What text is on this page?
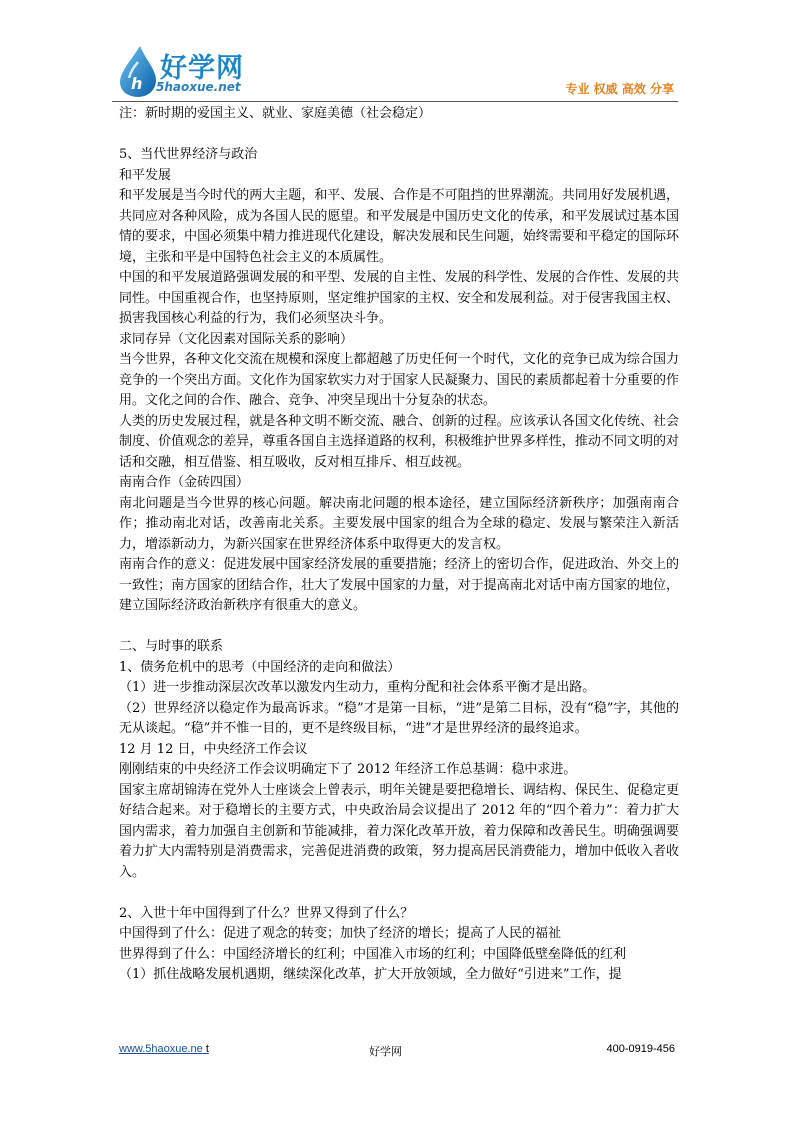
h 好学网
5haoxue.net	专业 权威 高效 分享

注：新时期的爱国主义、就业、家庭美德（社会稳定）

5、当代世界经济与政治

和平发展

和平发展是当今时代的两大主题，和平、发展、合作是不可阻挡的世界潮流。共同用好发展机遇，共同应对各种风险，成为各国人民的愿望。和平发展是中国历史文化的传承，和平发展试过基本国情的要求，中国必须集中精力推进现代化建设，解决发展和民生问题，始终需要和平稳定的国际环境，主张和平是中国特色社会主义的本质属性。

中国的和平发展道路强调发展的和平型、发展的自主性、发展的科学性、发展的合作性、发展的共同性。中国重视合作，也坚持原则，坚定维护国家的主权、安全和发展利益。对于侵害我国主权、损害我国核心利益的行为，我们必须坚决斗争。

求同存异（文化因素对国际关系的影响）

当今世界，各种文化交流在规模和深度上都超越了历史任何一个时代，文化的竞争已成为综合国力竞争的一个突出方面。文化作为国家软实力对于国家人民凝聚力、国民的素质都起着十分重要的作用。文化之间的合作、融合、竞争、冲突呈现出十分复杂的状态。

人类的历史发展过程，就是各种文明不断交流、融合、创新的过程。应该承认各国文化传统、社会制度、价值观念的差异，尊重各国自主选择道路的权利，积极维护世界多样性，推动不同文明的对话和交融，相互借鉴、相互吸收，反对相互排斥、相互歧视。

南南合作（金砖四国）

南北问题是当今世界的核心问题。解决南北问题的根本途径，建立国际经济新秩序；加强南南合作；推动南北对话，改善南北关系。主要发展中国家的组合为全球的稳定、发展与繁荣注入新活力，增添新动力，为新兴国家在世界经济体系中取得更大的发言权。

南南合作的意义：促进发展中国家经济发展的重要措施；经济上的密切合作，促进政治、外交上的一致性；南方国家的团结合作，壮大了发展中国家的力量，对于提高南北对话中南方国家的地位，建立国际经济政治新秩序有很重大的意义。

二、与时事的联系

1、债务危机中的思考（中国经济的走向和做法）

（1）进一步推动深层次改革以激发内生动力，重构分配和社会体系平衡才是出路。

（2）世界经济以稳定作为最高诉求。“稳”才是第一目标，“进”是第二目标，没有“稳”字，其他的无从谈起。“稳”并不惟一目的，更不是终级目标，“进”才是世界经济的最终追求。

12 月 12 日，中央经济工作会议

刚刚结束的中央经济工作会议明确定下了 2012 年经济工作总基调：稳中求进。

国家主席胡锦涛在党外人士座谈会上曾表示，明年关键是要把稳增长、调结构、保民生、促稳定更好结合起来。对于稳增长的主要方式，中央政治局会议提出了 2012 年的“四个着力”：着力扩大国内需求，着力加强自主创新和节能减排，着力深化改革开放，着力保障和改善民生。明确强调要着力扩大内需特别是消费需求，完善促进消费的政策，努力提高居民消费能力，增加中低收入者收入。

2、入世十年中国得到了什么？世界又得到了什么？

中国得到了什么：促进了观念的转变；加快了经济的增长；提高了人民的福祉

世界得到了什么：中国经济增长的红利；中国准入市场的红利；中国降低壁垒降低的红利

（1）抓住战略发展机遇期，继续深化改革，扩大开放领域，全力做好“引进来”工作，提

www.5haoxue.ne t	好学网	400-0919-456
